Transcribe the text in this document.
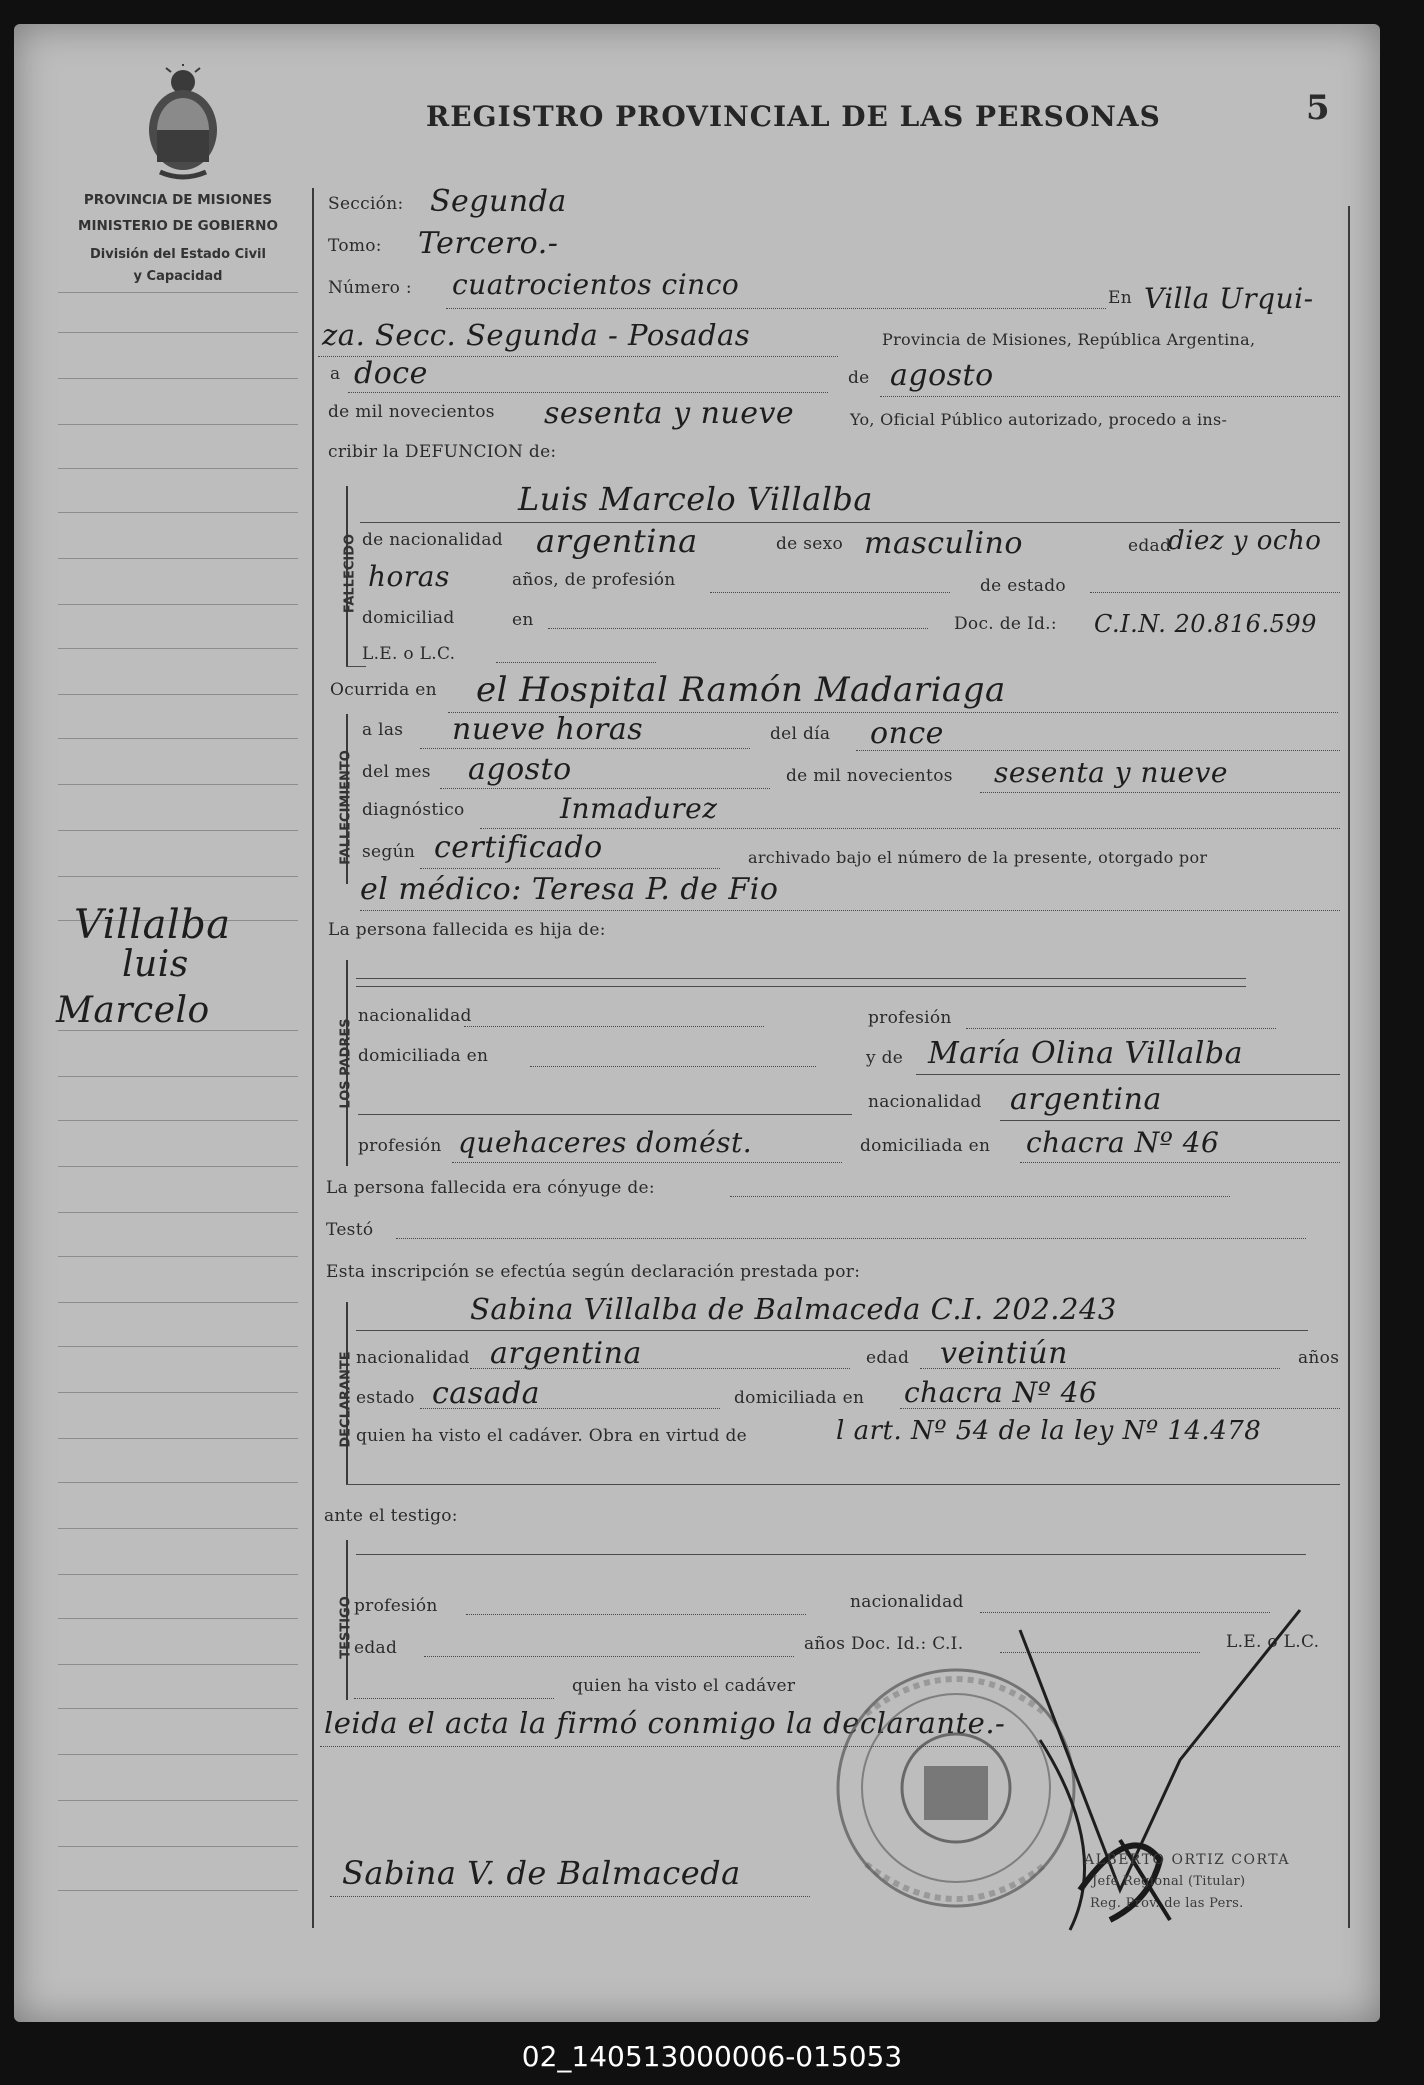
PROVINCIA DE MISIONES
MINISTERIO DE GOBIERNO
División del Estado Civil
y Capacidad
REGISTRO PROVINCIAL DE LAS PERSONAS	5
Villalba
luis
Marcelo
Sección: Segunda
Tomo: Tercero.-
Número : cuatrocientos cinco	En Villa Urqui-
za. Secc. Segunda - Posadas	Provincia de Misiones, República Argentina,
a doce	de agosto
de mil novecientos sesenta y nueve	Yo, Oficial Público autorizado, procedo a ins-
cribir la DEFUNCION de:
FALLECIDO
Luis Marcelo Villalba
de nacionalidad argentina	de sexo masculino	edad
diez y ocho
horas	años, de profesión	de estado
domiciliad	en	Doc. de Id.: C.I.N. 20.816.599
L.E. o L.C.
Ocurrida en el Hospital Ramón Madariaga
FALLECIMIENTO
a las nueve horas	del día once
del mes agosto	de mil novecientos sesenta y nueve
diagnóstico	Inmadurez
según certificado	archivado bajo el número de la presente, otorgado por
el médico: Teresa P. de Fio
La persona fallecida es hija de:
LOS PADRES
nacionalidad	profesión
domiciliada en	y de María Olina Villalba
nacionalidad argentina
profesión quehaceres domést.	domiciliada en chacra Nº 46
La persona fallecida era cónyuge de:
Testó
Esta inscripción se efectúa según declaración prestada por:
DECLARANTE
Sabina Villalba de Balmaceda C.I. 202.243
nacionalidad argentina	edad veintiún	años
estado casada	domiciliada en chacra Nº 46
quien ha visto el cadáver. Obra en virtud de	l art. Nº 54 de la ley Nº 14.478
ante el testigo:
TESTIGO profesión	nacionalidad
edad	años Doc. Id.: C.I.	L.E. o L.C.
quien ha visto el cadáver
leida el acta la firmó conmigo la declarante.-
ALBERTO ORTIZ CORTA
Jefe Regional (Titular)
Reg. Prov. de las Pers.
Sabina V. de Balmaceda
02_140513000006-015053
